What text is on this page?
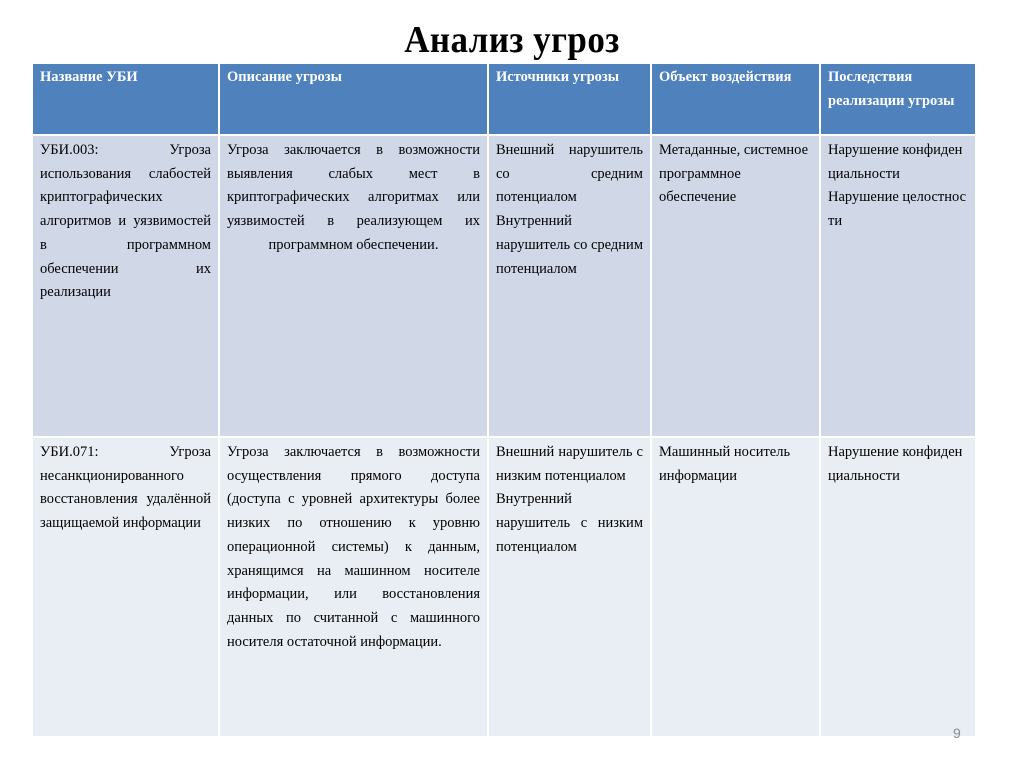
Анализ угроз
Название УБИ	Описание угрозы	Источники угрозы	Объект воздействия	Последствия реализации угрозы
УБИ.003: Угроза использования слабостей криптографических алгоритмов и уязвимостей в программном обеспечении их реализации	Угроза заключается в возможности выявления слабых мест в криптографических алгоритмах или уязвимостей в реализующем их программном обеспечении.	Внешний нарушитель со средним потенциалом
Внутренний нарушитель со средним потенциалом	Метаданные, системное программное обеспечение	Нарушение конфиденциальности
Нарушение целостности

УБИ.071: Угроза несанкционированного восстановления удалённой защищаемой информации	Угроза заключается в возможности осуществления прямого доступа (доступа с уровней архитектуры более низких по отношению к уровню операционной системы) к данным, хранящимся на машинном носителе информации, или восстановления данных по считанной с машинного носителя остаточной информации.	Внешний нарушитель с низким потенциалом
Внутренний нарушитель с низким потенциалом	Машинный носитель информации	Нарушение конфиденциальности
9
